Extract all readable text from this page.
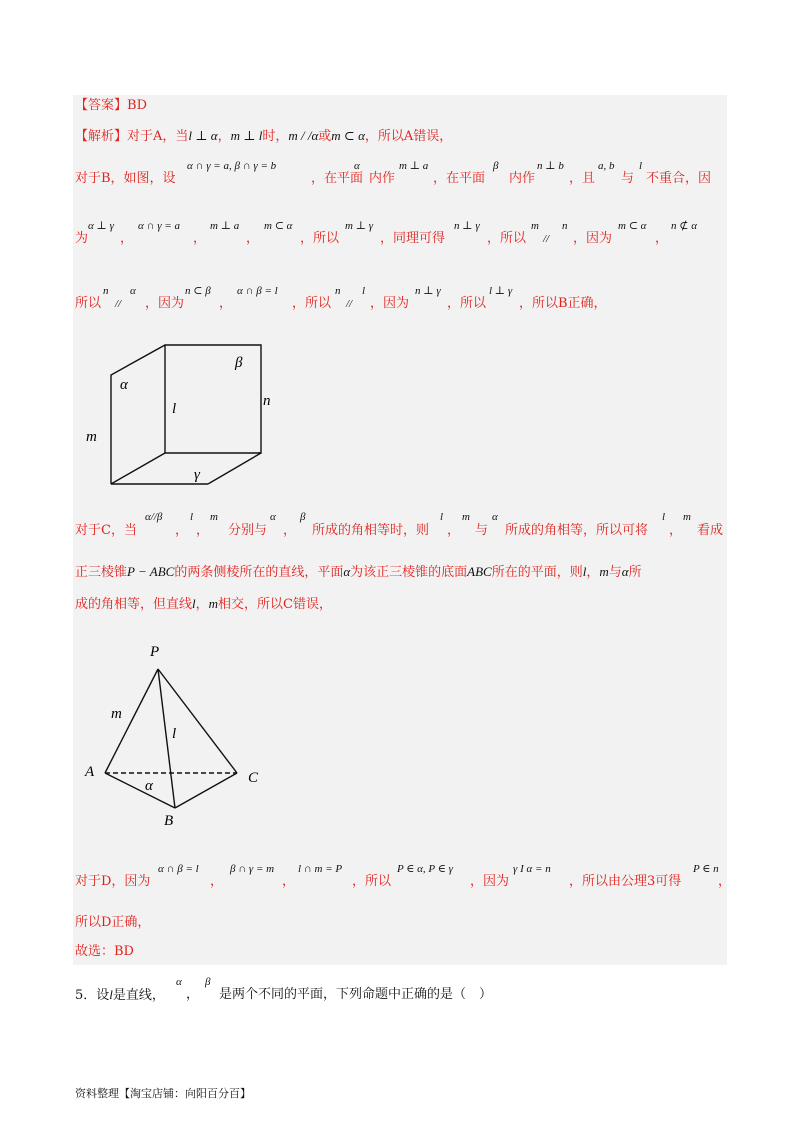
【答案】BD
【解析】对于A，当l ⊥ α，m ⊥ l时，m / /α或m ⊂ α，所以A错误，
对于B，如图，设
α ∩ γ = a, β ∩ γ = b
，在平面
α
内作
m ⊥ a
，在平面
β
内作
n ⊥ b
，且
a, b
与
l
不重合，因
为
α ⊥ γ
，
α ∩ γ = a
，
m ⊥ a
，
m ⊂ α
，所以
m ⊥ γ
，同理可得
n ⊥ γ
，所以
m
//
n
，因为
m ⊂ α
，
n ⊄ α
所以
n
//
α
，因为
n ⊂ β
，
α ∩ β = l
，所以
n
//
l
，因为
n ⊥ γ
，所以
l ⊥ γ
，所以B正确，
α
β
l	n
m
γ
对于C，当
α//β
，
l
，
m
分别与
α
，
β
所成的角相等时，则
l
，
m
与
α
所成的角相等，所以可将
l
，
m
看成
正三棱锥P − ABC的两条侧棱所在的直线，平面α为该正三棱锥的底面ABC所在的平面，则l，m与α所
成的角相等，但直线l，m相交，所以C错误，
P
A
B
C
m
l
α
对于D，因为
α ∩ β = l
，
β ∩ γ = m
，
l ∩ m = P
，所以
P ∈ α, P ∈ γ
，因为
γ I α = n
，所以由公理3可得
P ∈ n
，
所以D正确，
故选：BD
5．设l是直线，
α
，
β
是两个不同的平面，下列命题中正确的是（　）
资料整理【淘宝店铺：向阳百分百】
